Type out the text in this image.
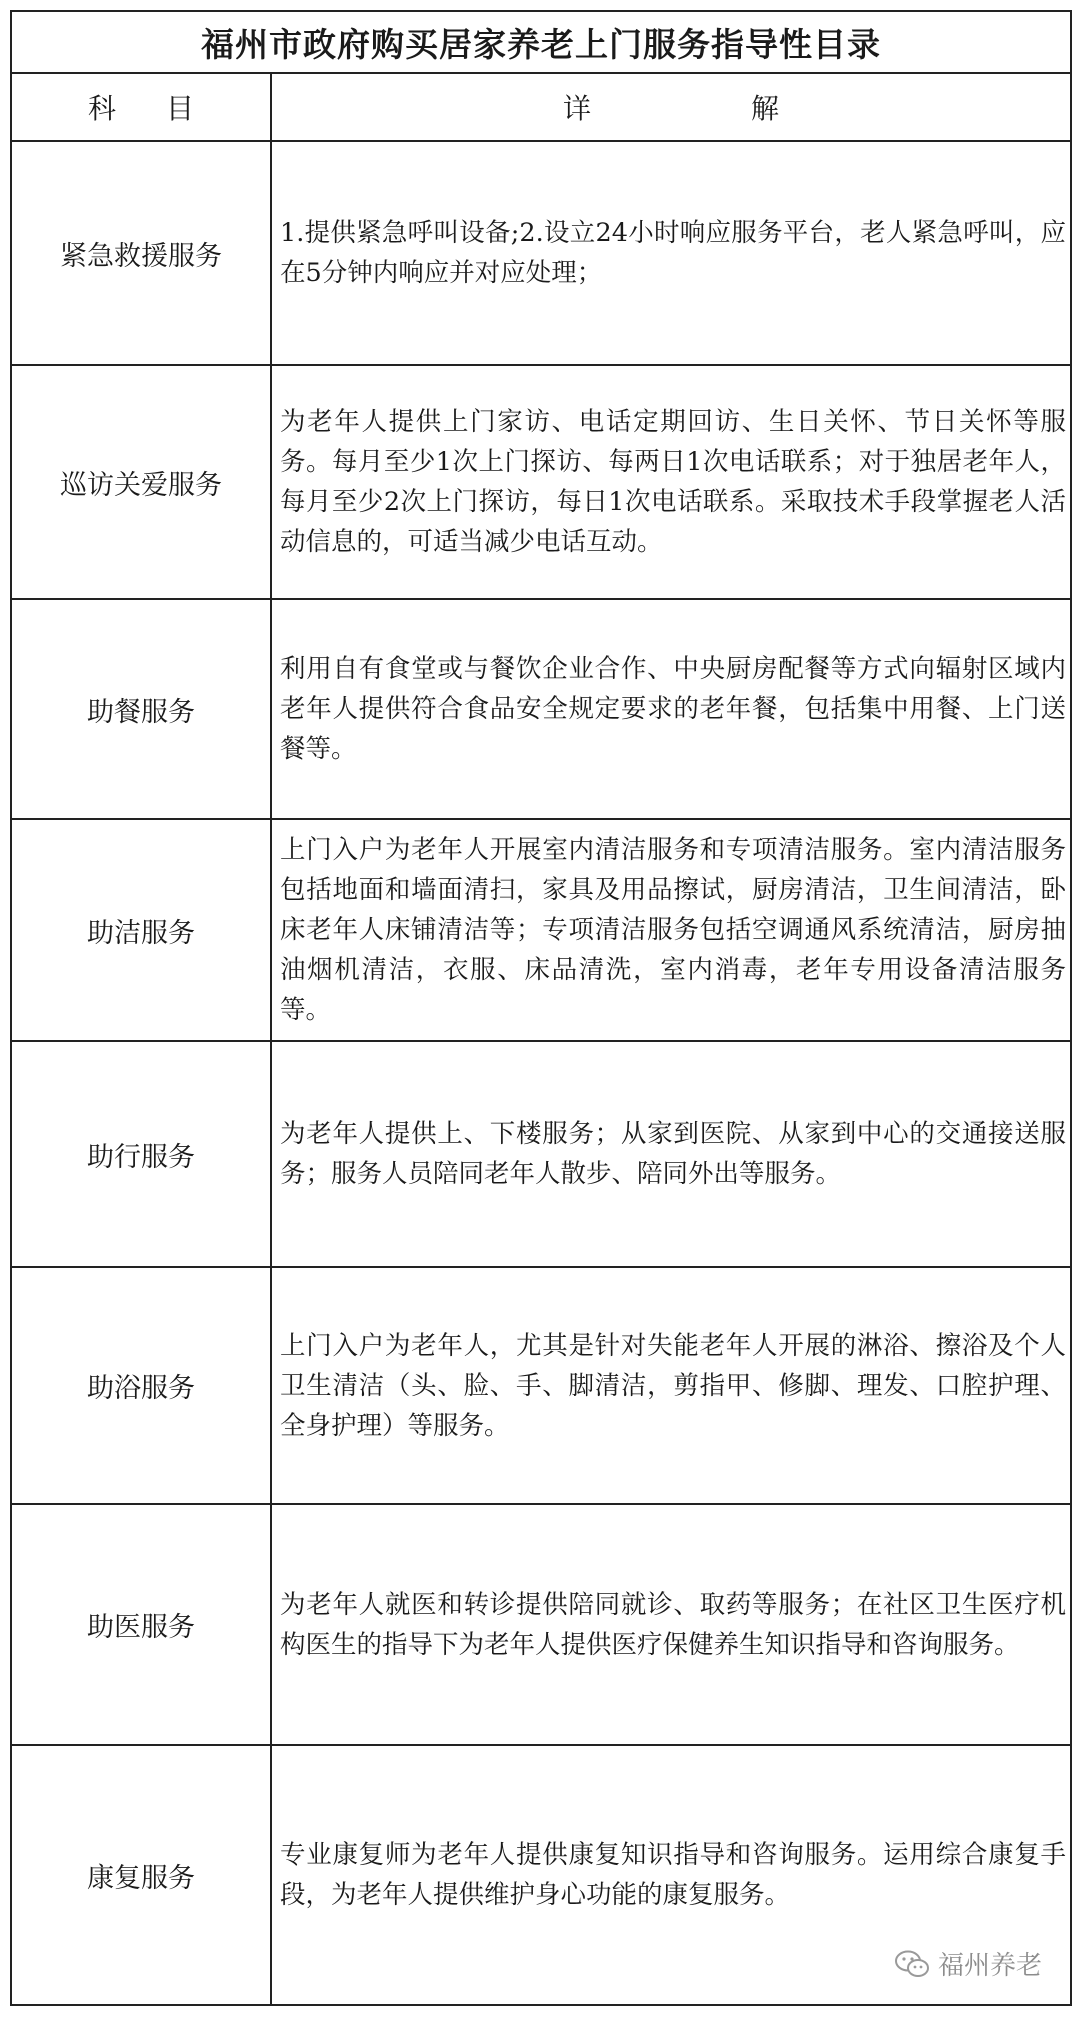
福州市政府购买居家养老上门服务指导性目录	
科目	详解
紧急救援服务	1.提供紧急呼叫设备;2.设立24小时响应服务平台，老人紧急呼叫，应在5分钟内响应并对应处理；
巡访关爱服务	为老年人提供上门家访、电话定期回访、生日关怀、节日关怀等服务。每月至少1次上门探访、每两日1次电话联系；对于独居老年人，每月至少2次上门探访，每日1次电话联系。采取技术手段掌握老人活动信息的，可适当减少电话互动。
助餐服务	利用自有食堂或与餐饮企业合作、中央厨房配餐等方式向辐射区域内老年人提供符合食品安全规定要求的老年餐，包括集中用餐、上门送餐等。
助洁服务	上门入户为老年人开展室内清洁服务和专项清洁服务。室内清洁服务包括地面和墙面清扫，家具及用品擦试，厨房清洁，卫生间清洁，卧床老年人床铺清洁等；专项清洁服务包括空调通风系统清洁，厨房抽油烟机清洁，衣服、床品清洗，室内消毒，老年专用设备清洁服务等。
助行服务	为老年人提供上、下楼服务；从家到医院、从家到中心的交通接送服务；服务人员陪同老年人散步、陪同外出等服务。
助浴服务	上门入户为老年人，尤其是针对失能老年人开展的淋浴、擦浴及个人卫生清洁（头、脸、手、脚清洁，剪指甲、修脚、理发、口腔护理、全身护理）等服务。
助医服务	为老年人就医和转诊提供陪同就诊、取药等服务；在社区卫生医疗机构医生的指导下为老年人提供医疗保健养生知识指导和咨询服务。
康复服务	专业康复师为老年人提供康复知识指导和咨询服务。运用综合康复手段，为老年人提供维护身心功能的康复服务。
福州养老
